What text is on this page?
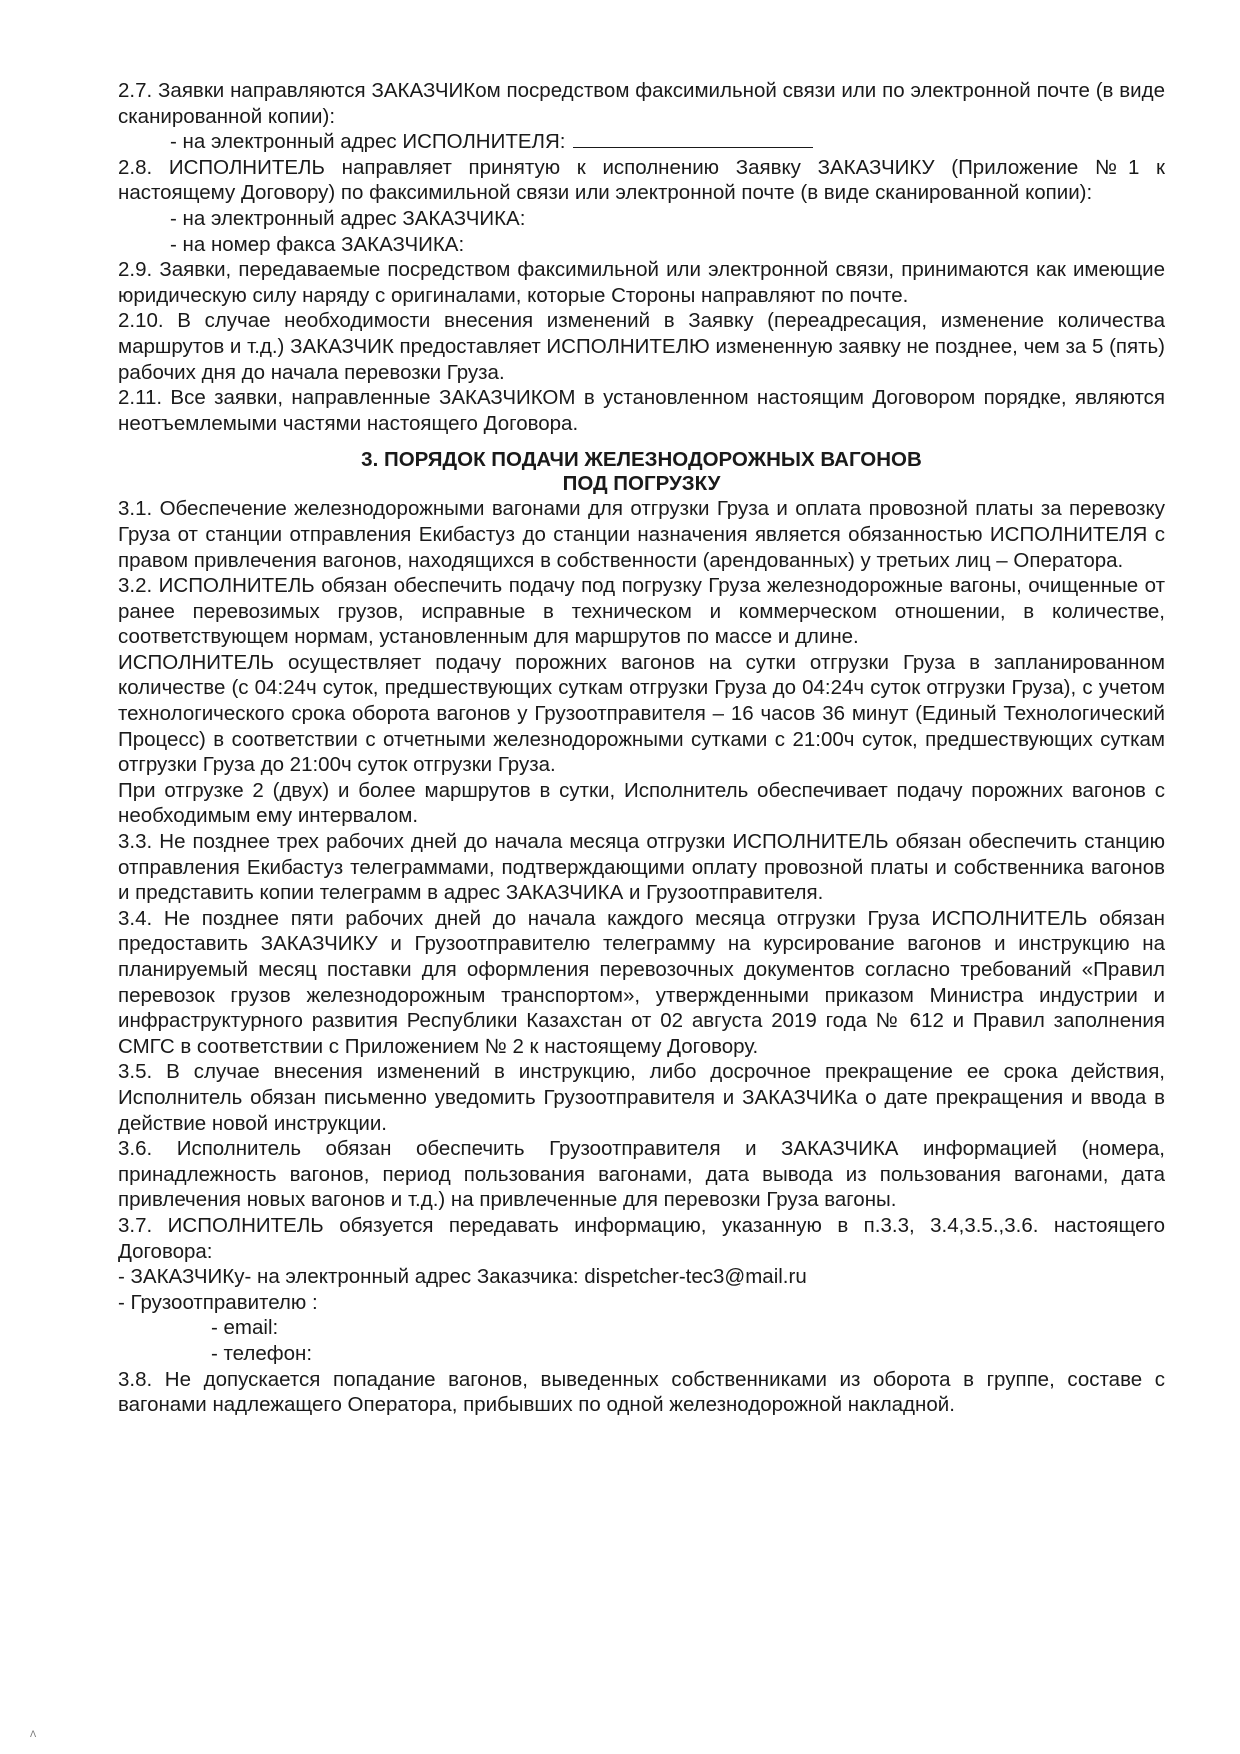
2.7. Заявки направляются ЗАКАЗЧИКом посредством факсимильной связи или по электронной почте (в виде сканированной копии):
- на электронный адрес ИСПОЛНИТЕЛЯ:
2.8. ИСПОЛНИТЕЛЬ направляет принятую к исполнению Заявку ЗАКАЗЧИКУ (Приложение №1 к настоящему Договору) по факсимильной связи или электронной почте (в виде сканированной копии):
- на электронный адрес ЗАКАЗЧИКА:
- на номер факса ЗАКАЗЧИКА:
2.9. Заявки, передаваемые посредством факсимильной или электронной связи, принимаются как имеющие юридическую силу наряду с оригиналами, которые Стороны направляют по почте.
2.10. В случае необходимости внесения изменений в Заявку (переадресация, изменение количества маршрутов и т.д.) ЗАКАЗЧИК предоставляет ИСПОЛНИТЕЛЮ измененную заявку не позднее, чем за 5 (пять) рабочих дня до начала перевозки Груза.
2.11. Все заявки, направленные ЗАКАЗЧИКОМ в установленном настоящим Договором порядке, являются неотъемлемыми частями настоящего Договора.
3. ПОРЯДОК ПОДАЧИ ЖЕЛЕЗНОДОРОЖНЫХ ВАГОНОВ
ПОД ПОГРУЗКУ
3.1. Обеспечение железнодорожными вагонами для отгрузки Груза и оплата провозной платы за перевозку Груза от станции отправления Екибастуз до станции назначения является обязанностью ИСПОЛНИТЕЛЯ с правом привлечения вагонов, находящихся в собственности (арендованных) у третьих лиц – Оператора.
3.2. ИСПОЛНИТЕЛЬ обязан обеспечить подачу под погрузку Груза железнодорожные вагоны, очищенные от ранее перевозимых грузов, исправные в техническом и коммерческом отношении, в количестве, соответствующем нормам, установленным для маршрутов по массе и длине.
ИСПОЛНИТЕЛЬ осуществляет подачу порожних вагонов на сутки отгрузки Груза в запланированном количестве (с 04:24ч суток, предшествующих суткам отгрузки Груза до 04:24ч суток отгрузки Груза), с учетом технологического срока оборота вагонов у Грузоотправителя – 16 часов 36 минут (Единый Технологический Процесс) в соответствии с отчетными железнодорожными сутками с 21:00ч суток, предшествующих суткам отгрузки Груза до 21:00ч суток отгрузки Груза.
При отгрузке 2 (двух) и более маршрутов в сутки, Исполнитель обеспечивает подачу порожних вагонов с необходимым ему интервалом.
3.3. Не позднее трех рабочих дней до начала месяца отгрузки ИСПОЛНИТЕЛЬ обязан обеспечить станцию отправления Екибастуз телеграммами, подтверждающими оплату провозной платы и собственника вагонов и представить копии телеграмм в адрес ЗАКАЗЧИКА и Грузоотправителя.
3.4. Не позднее пяти рабочих дней до начала каждого месяца отгрузки Груза ИСПОЛНИТЕЛЬ обязан предоставить ЗАКАЗЧИКУ и Грузоотправителю телеграмму на курсирование вагонов и инструкцию на планируемый месяц поставки для оформления перевозочных документов согласно требований «Правил перевозок грузов железнодорожным транспортом», утвержденными приказом Министра индустрии и инфраструктурного развития Республики Казахстан от 02 августа 2019 года № 612 и Правил заполнения СМГС в соответствии с Приложением № 2 к настоящему Договору.
3.5. В случае внесения изменений в инструкцию, либо досрочное прекращение ее срока действия, Исполнитель обязан письменно уведомить Грузоотправителя и ЗАКАЗЧИКа о дате прекращения и ввода в действие новой инструкции.
3.6. Исполнитель обязан обеспечить Грузоотправителя и ЗАКАЗЧИКА информацией (номера, принадлежность вагонов, период пользования вагонами, дата вывода из пользования вагонами, дата привлечения новых вагонов и т.д.) на привлеченные для перевозки Груза вагоны.
3.7. ИСПОЛНИТЕЛЬ обязуется передавать информацию, указанную в п.3.3, 3.4,3.5.,3.6. настоящего Договора:
- ЗАКАЗЧИКу- на электронный адрес Заказчика: dispetcher-tec3@mail.ru
- Грузоотправителю :
- email:
- телефон:
3.8. Не допускается попадание вагонов, выведенных собственниками из оборота в группе, составе с вагонами надлежащего Оператора, прибывших по одной железнодорожной накладной.
Λ
